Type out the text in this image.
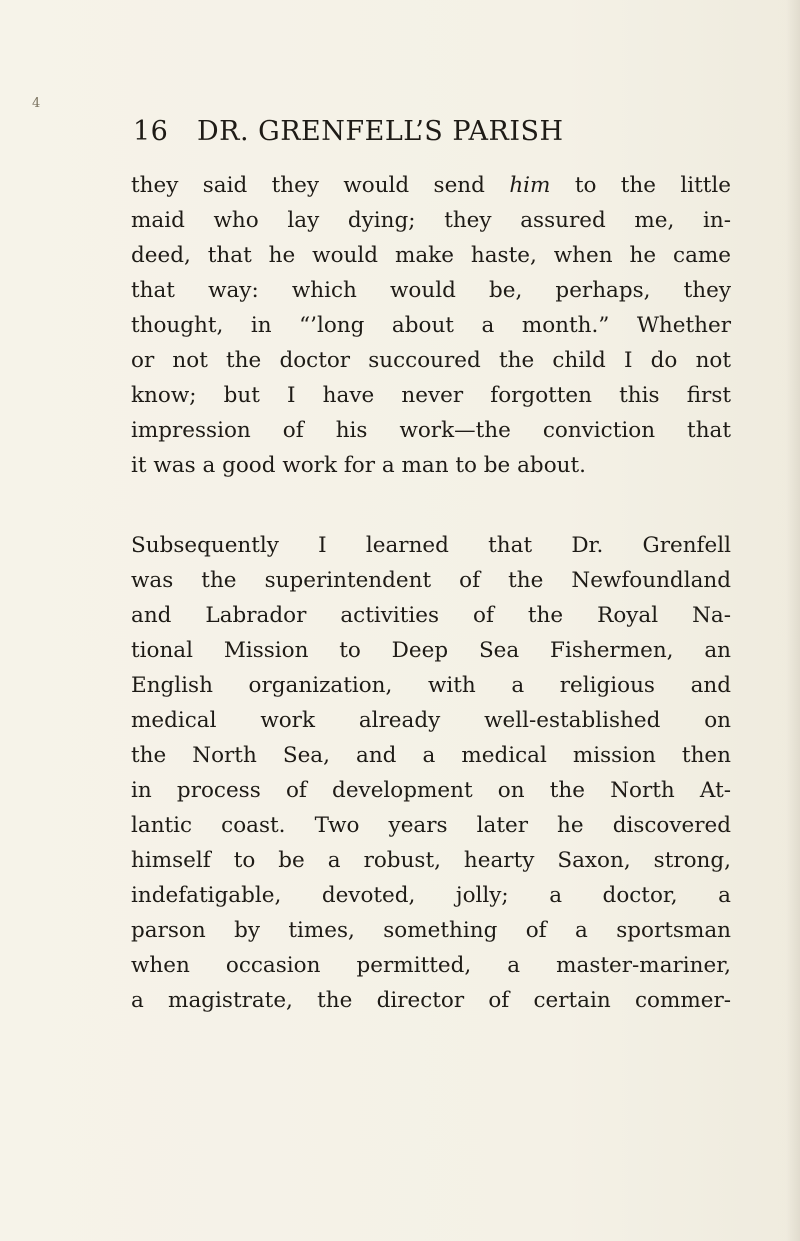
4
16 DR. GRENFELL’S PARISH

they said they would send him to the little
maid who lay dying; they assured me, in-
deed, that he would make haste, when he came
that way: which would be, perhaps, they
thought, in “’long about a month.” Whether
or not the doctor succoured the child I do not
know; but I have never forgotten this first
impression of his work—the conviction that
it was a good work for a man to be about.

Subsequently I learned that Dr. Grenfell
was the superintendent of the Newfoundland
and Labrador activities of the Royal Na-
tional Mission to Deep Sea Fishermen, an
English organization, with a religious and
medical work already well-established on
the North Sea, and a medical mission then
in process of development on the North At-
lantic coast. Two years later he discovered
himself to be a robust, hearty Saxon, strong,
indefatigable, devoted, jolly; a doctor, a
parson by times, something of a sportsman
when occasion permitted, a master-mariner,
a magistrate, the director of certain commer-
